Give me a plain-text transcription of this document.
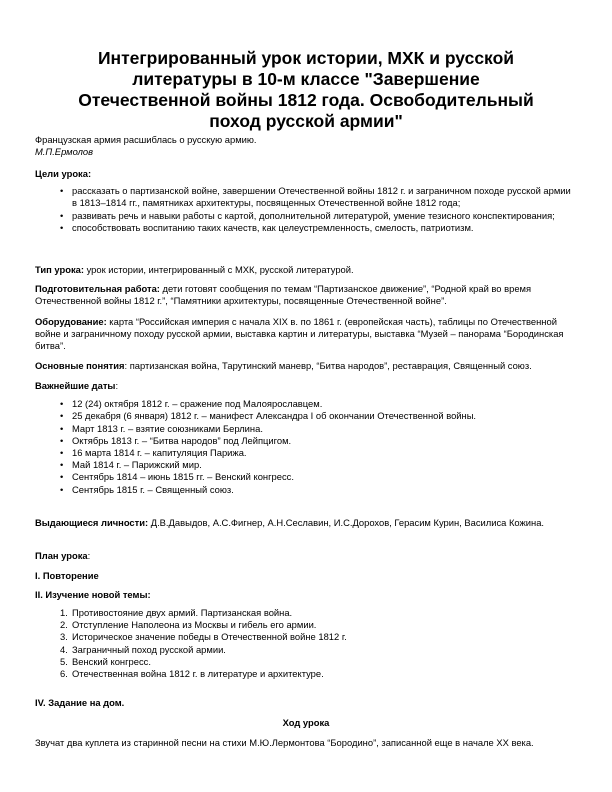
Интегрированный урок истории, МХК и русской
литературы в 10-м классе "Завершение
Отечественной войны 1812 года. Освободительный
поход русской армии"
Французская армия расшиблась о русскую армию.
М.П.Ермолов
Цели урока:
• рассказать о партизанской войне, завершении Отечественной войны 1812 г. и заграничном походе русской армии в 1813–1814 гг., памятниках архитектуры, посвященных Отечественной войне 1812 года;
• развивать речь и навыки работы с картой, дополнительной литературой, умение тезисного конспектирования;
• способствовать воспитанию таких качеств, как целеустремленность, смелость, патриотизм.
Тип урока: урок истории, интегрированный с МХК, русской литературой.
Подготовительная работа: дети готовят сообщения по темам “Партизанское движение”, “Родной край во время Отечественной войны 1812 г.”, “Памятники архитектуры, посвященные Отечественной войне”.
Оборудование: карта “Российская империя с начала XIX в. по 1861 г. (европейская часть), таблицы по Отечественной войне и заграничному походу русской армии, выставка картин и литературы, выставка “Музей – панорама “Бородинская битва”.
Основные понятия: партизанская война, Тарутинский маневр, “Битва народов”, реставрация, Священный союз.
Важнейшие даты:
• 12 (24) октября 1812 г. – сражение под Малоярославцем.
• 25 декабря (6 января) 1812 г. – манифест Александра I об окончании Отечественной войны.
• Март 1813 г. – взятие союзниками Берлина.
• Октябрь 1813 г. – “Битва народов” под Лейпцигом.
• 16 марта 1814 г. – капитуляция Парижа.
• Май 1814 г. – Парижский мир.
• Сентябрь 1814 – июнь 1815 гг. – Венский конгресс.
• Сентябрь 1815 г. – Священный союз.
Выдающиеся личности: Д.В.Давыдов, А.С.Фигнер, А.Н.Сеславин, И.С.Дорохов, Герасим Курин, Василиса Кожина.
План урока:
I. Повторение
II. Изучение новой темы:
1. Противостояние двух армий. Партизанская война.
2. Отступление Наполеона из Москвы и гибель его армии.
3. Историческое значение победы в Отечественной войне 1812 г.
4. Заграничный поход русской армии.
5. Венский конгресс.
6. Отечественная война 1812 г. в литературе и архитектуре.
IV. Задание на дом.
Ход урока
Звучат два куплета из старинной песни на стихи М.Ю.Лермонтова “Бородино”, записанной еще в начале XX века.
